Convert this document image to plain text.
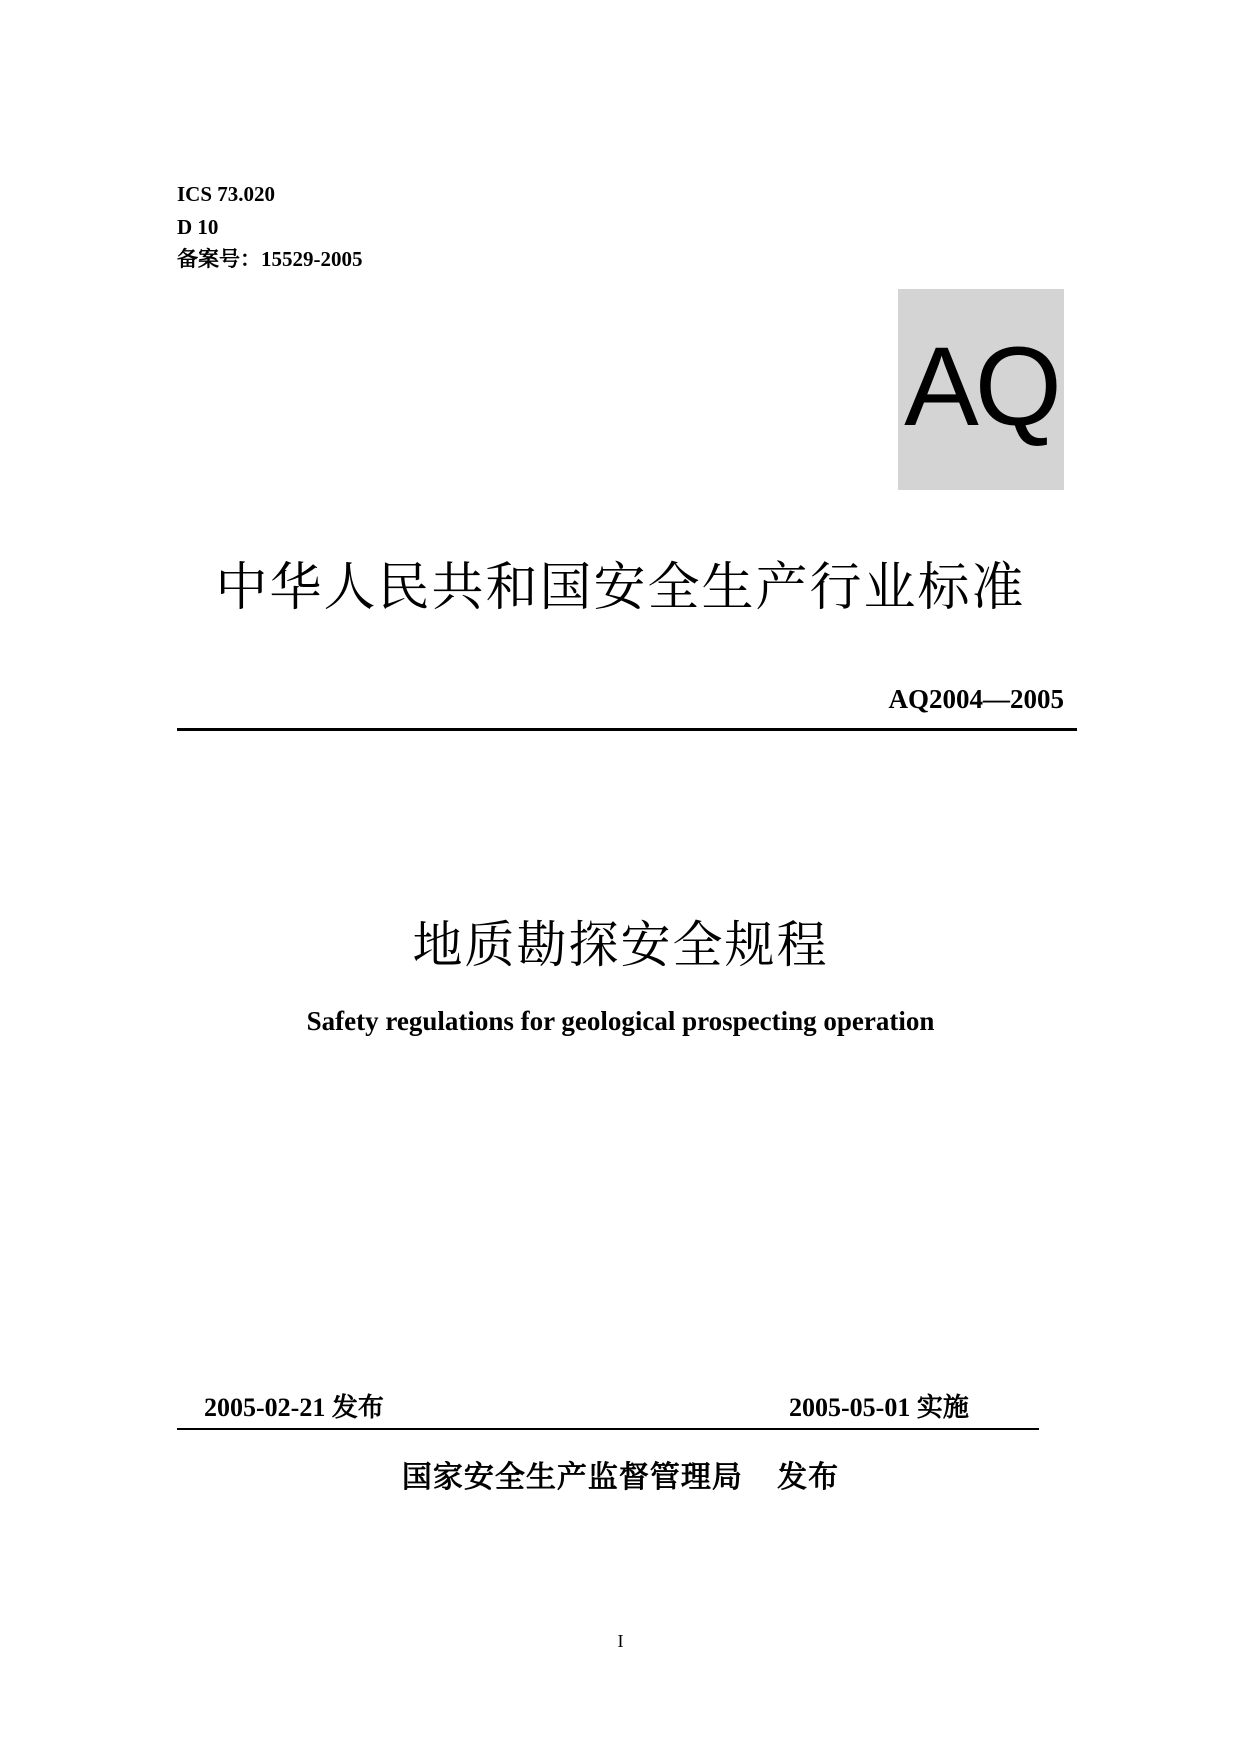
ICS 73.020
D 10
备案号：15529-2005
AQ
中华人民共和国安全生产行业标准
AQ2004—2005
地质勘探安全规程
Safety regulations for geological prospecting operation
2005-02-21 发布	2005-05-01 实施
国家安全生产监督管理局   发布
I
